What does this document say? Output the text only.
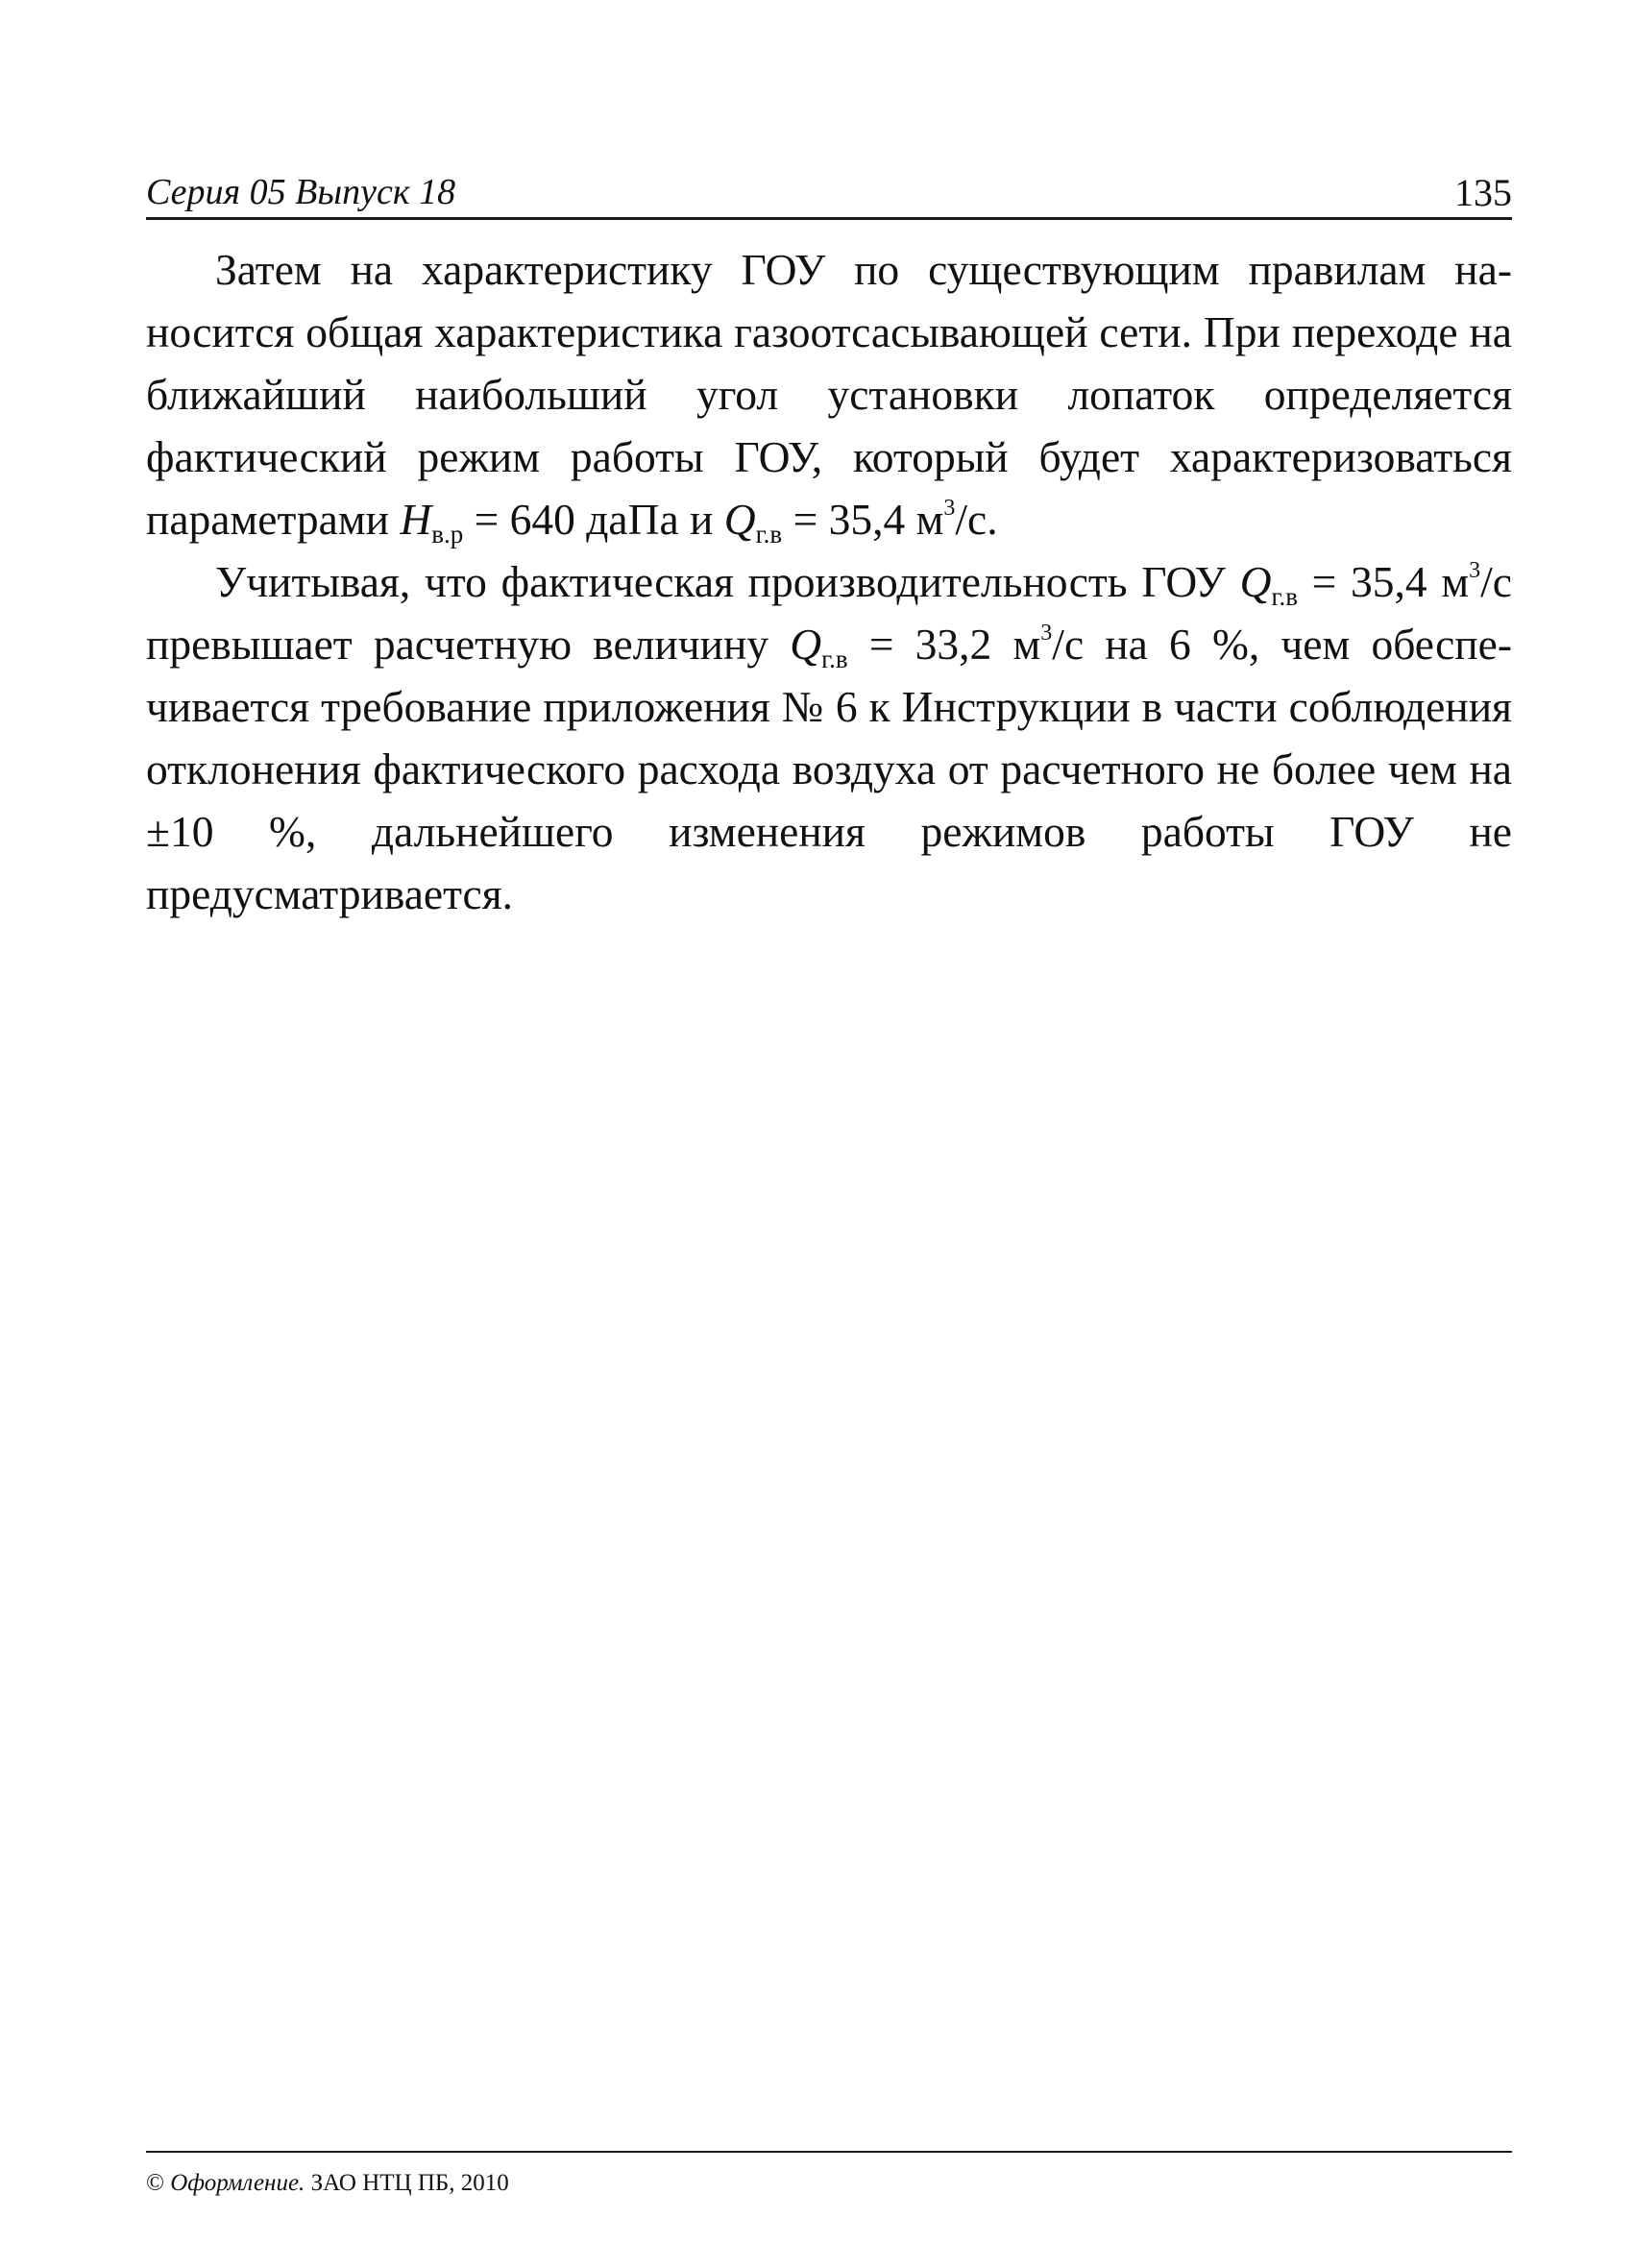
Серия 05 Выпуск 18	135

Затем на характеристику ГОУ по существующим правилам наносится общая характеристика газоотсасывающей сети. При переходе на ближайший наибольший угол установки лопаток определяется фактический режим работы ГОУ, который будет характеризоваться параметрами $H_{в.р} = 640$ даПа и $Q_{г.в} = 35,4$ $м^3/с$.

Учитывая, что фактическая производительность ГОУ $Q_{г.в} = 35,4$ $м^3/с$ превышает расчетную величину $Q_{г.в} = 33,2$ $м^3/с$ на 6 %, чем обеспечивается требование приложения № 6 к Инструкции в части соблюдения отклонения фактического расхода воздуха от расчетного не более чем на ±10 %, дальнейшего изменения режимов работы ГОУ не предусматривается.

© Оформление. ЗАО НТЦ ПБ, 2010
